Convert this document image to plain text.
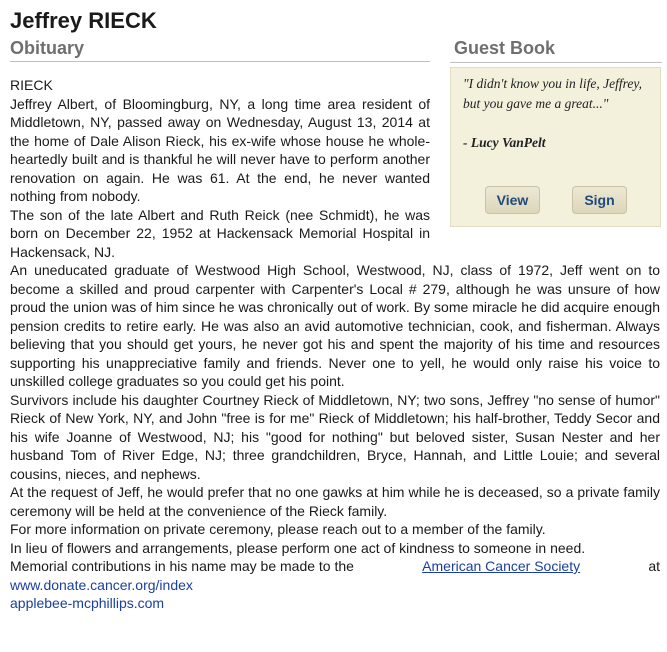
Jeffrey RIECK
Obituary	Guest Book
"I didn't know you in life, Jeffrey, but you gave me a great..."
- Lucy VanPelt
View	Sign

RIECK

Jeffrey Albert, of Bloomingburg, NY, a long time area resident of Middletown, NY, passed away on Wednesday, August 13, 2014 at the home of Dale Alison Rieck, his ex-wife whose house he whole-heartedly built and is thankful he will never have to perform another renovation on again. He was 61. At the end, he never wanted nothing from nobody.

The son of the late Albert and Ruth Reick (nee Schmidt), he was born on December 22, 1952 at Hackensack Memorial Hospital in Hackensack, NJ.

An uneducated graduate of Westwood High School, Westwood, NJ, class of 1972, Jeff went on to become a skilled and proud carpenter with Carpenter's Local # 279, although he was unsure of how proud the union was of him since he was chronically out of work. By some miracle he did acquire enough pension credits to retire early. He was also an avid automotive technician, cook, and fisherman. Always believing that you should get yours, he never got his and spent the majority of his time and resources supporting his unappreciative family and friends. Never one to yell, he would only raise his voice to unskilled college graduates so you could get his point.

Survivors include his daughter Courtney Rieck of Middletown, NY; two sons, Jeffrey "no sense of humor" Rieck of New York, NY, and John "free is for me" Rieck of Middletown; his half-brother, Teddy Secor and his wife Joanne of Westwood, NJ; his "good for nothing" but beloved sister, Susan Nester and her husband Tom of River Edge, NJ; three grandchildren, Bryce, Hannah, and Little Louie; and several cousins, nieces, and nephews.

At the request of Jeff, he would prefer that no one gawks at him while he is deceased, so a private family ceremony will be held at the convenience of the Rieck family.

For more information on private ceremony, please reach out to a member of the family.

In lieu of flowers and arrangements, please perform one act of kindness to someone in need.

Memorial contributions in his name may be made to the	American Cancer Society	at

www.donate.cancer.org/index

applebee-mcphillips.com
